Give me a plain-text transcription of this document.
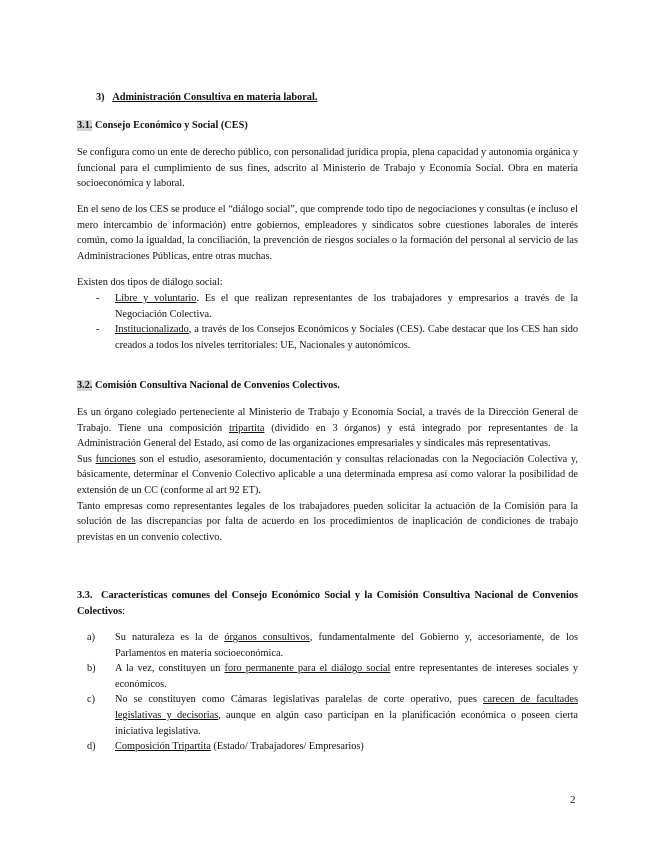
3) Administración Consultiva en materia laboral.

3.1. Consejo Económico y Social (CES)

Se configura como un ente de derecho público, con personalidad jurídica propia, plena capacidad y autonomía orgánica y funcional para el cumplimiento de sus fines, adscrito al Ministerio de Trabajo y Economía Social. Obra en materia socioeconómica y laboral.

En el seno de los CES se produce el “diálogo social”, que comprende todo tipo de negociaciones y consultas (e incluso el mero intercambio de información) entre gobiernos, empleadores y sindicatos sobre cuestiones laborales de interés común, como la igualdad, la conciliación, la prevención de riesgos sociales o la formación del personal al servicio de las Administraciones Públicas, entre otras muchas.

Existen dos tipos de diálogo social:

- Libre y voluntario. Es el que realizan representantes de los trabajadores y empresarios a través de la Negociación Colectiva.
- Institucionalizado, a través de los Consejos Económicos y Sociales (CES). Cabe destacar que los CES han sido creados a todos los niveles territoriales: UE, Nacionales y autonómicos.

3.2. Comisión Consultiva Nacional de Convenios Colectivos.

Es un órgano colegiado perteneciente al Ministerio de Trabajo y Economía Social, a través de la Dirección General de Trabajo. Tiene una composición tripartita (dividido en 3 órganos) y está integrado por representantes de la Administración General del Estado, así como de las organizaciones empresariales y sindicales más representativas.
Sus funciones son el estudio, asesoramiento, documentación y consultas relacionadas con la Negociación Colectiva y, básicamente, determinar el Convenio Colectivo aplicable a una determinada empresa así como valorar la posibilidad de extensión de un CC (conforme al art 92 ET).
Tanto empresas como representantes legales de los trabajadores pueden solicitar la actuación de la Comisión para la solución de las discrepancias por falta de acuerdo en los procedimientos de inaplicación de condiciones de trabajo previstas en un convenio colectivo.

3.3. Características comunes del Consejo Económico Social y la Comisión Consultiva Nacional de Convenios Colectivos:

a) Su naturaleza es la de órganos consultivos, fundamentalmente del Gobierno y, accesoriamente, de los Parlamentos en materia socioeconómica.
b) A la vez, constituyen un foro permanente para el diálogo social entre representantes de intereses sociales y económicos.
c) No se constituyen como Cámaras legislativas paralelas de corte operativo, pues carecen de facultades legislativas y decisorias, aunque en algún caso participan en la planificación económica o poseen cierta iniciativa legislativa.
d) Composición Tripartita (Estado/ Trabajadores/ Empresarios)
2
